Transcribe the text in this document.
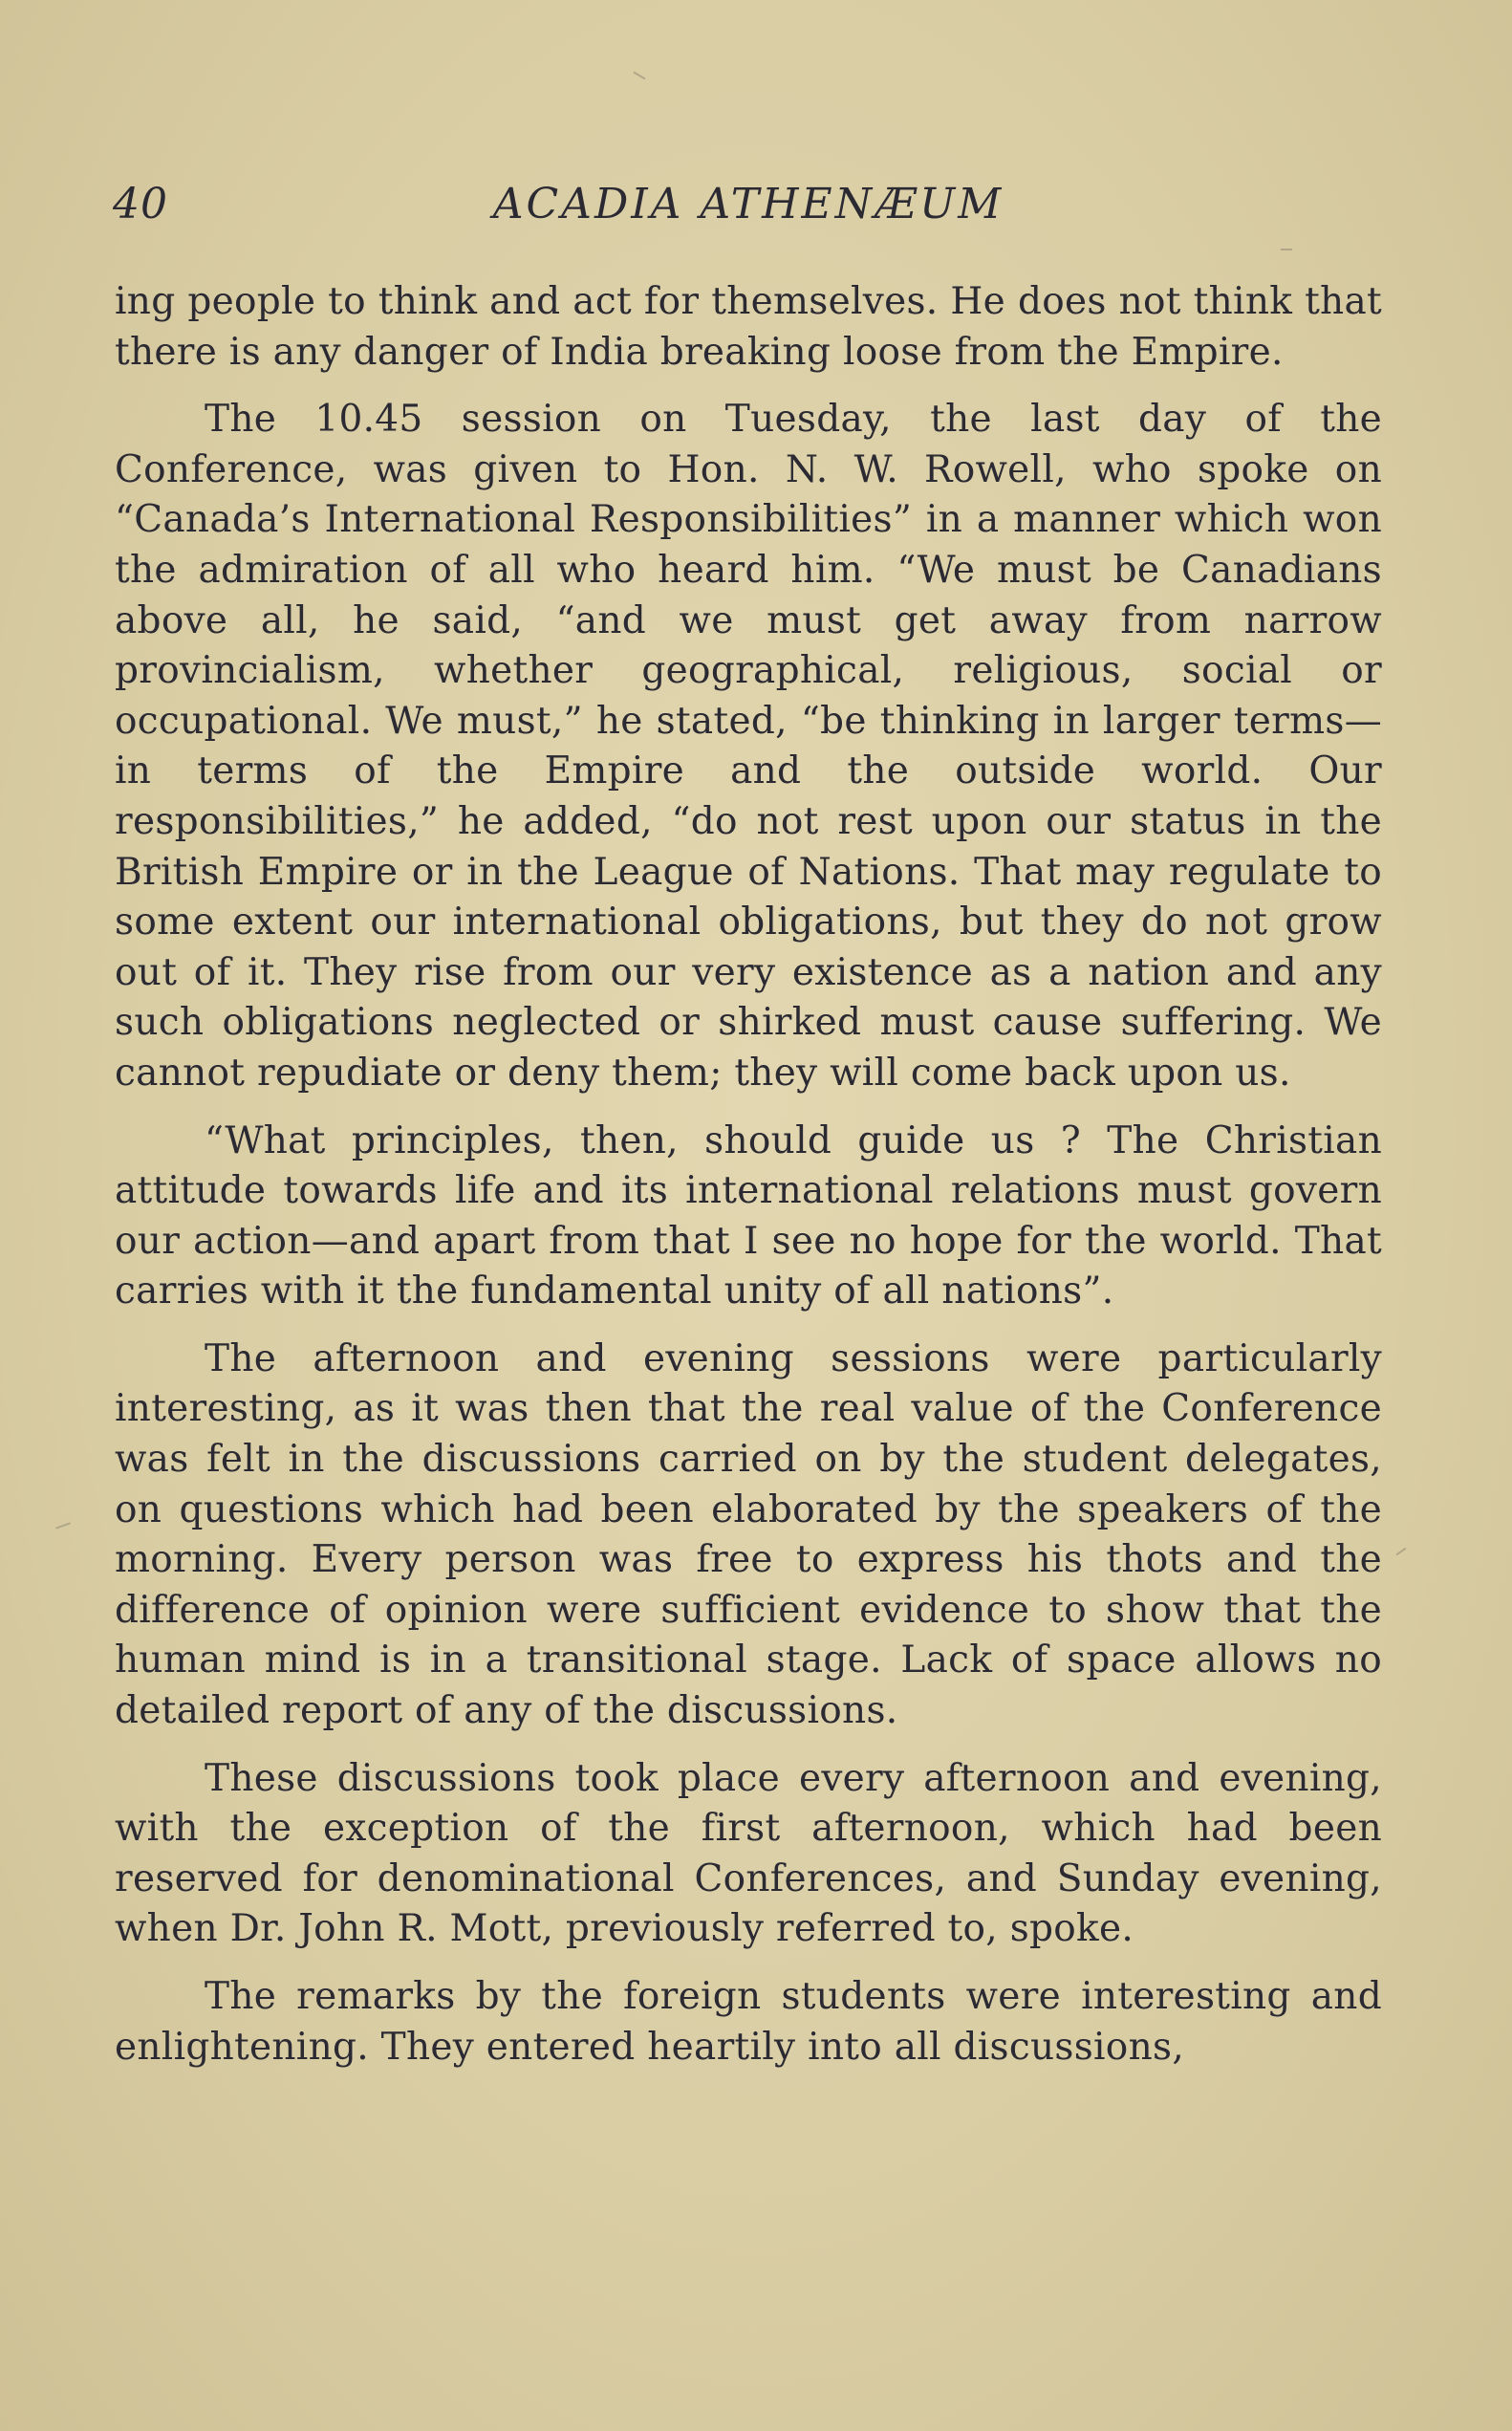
40	ACADIA ATHENÆUM

ing people to think and act for themselves. He does not think that there is any danger of India breaking loose from the Empire.

The 10.45 session on Tuesday, the last day of the Conference, was given to Hon. N. W. Rowell, who spoke on “Canada’s International Responsibilities” in a manner which won the admiration of all who heard him. “We must be Canadians above all, he said, “and we must get away from narrow provincialism, whether geographical, religious, social or occupational. We must,” he stated, “be thinking in larger terms—in terms of the Empire and the outside world. Our responsibilities,” he added, “do not rest upon our status in the British Empire or in the League of Nations. That may regulate to some extent our international obligations, but they do not grow out of it. They rise from our very existence as a nation and any such obligations neglected or shirked must cause suffering. We cannot repudiate or deny them; they will come back upon us.

“What principles, then, should guide us ? The Christian attitude towards life and its international relations must govern our action—and apart from that I see no hope for the world. That carries with it the fundamental unity of all nations”.

The afternoon and evening sessions were particularly interesting, as it was then that the real value of the Conference was felt in the discussions carried on by the student delegates, on questions which had been elaborated by the speakers of the morning. Every person was free to express his thots and the difference of opinion were sufficient evidence to show that the human mind is in a transitional stage. Lack of space allows no detailed report of any of the discussions.

These discussions took place every afternoon and evening, with the exception of the first afternoon, which had been reserved for denominational Conferences, and Sunday evening, when Dr. John R. Mott, previously referred to, spoke.

The remarks by the foreign students were interesting and enlightening. They entered heartily into all discussions,
